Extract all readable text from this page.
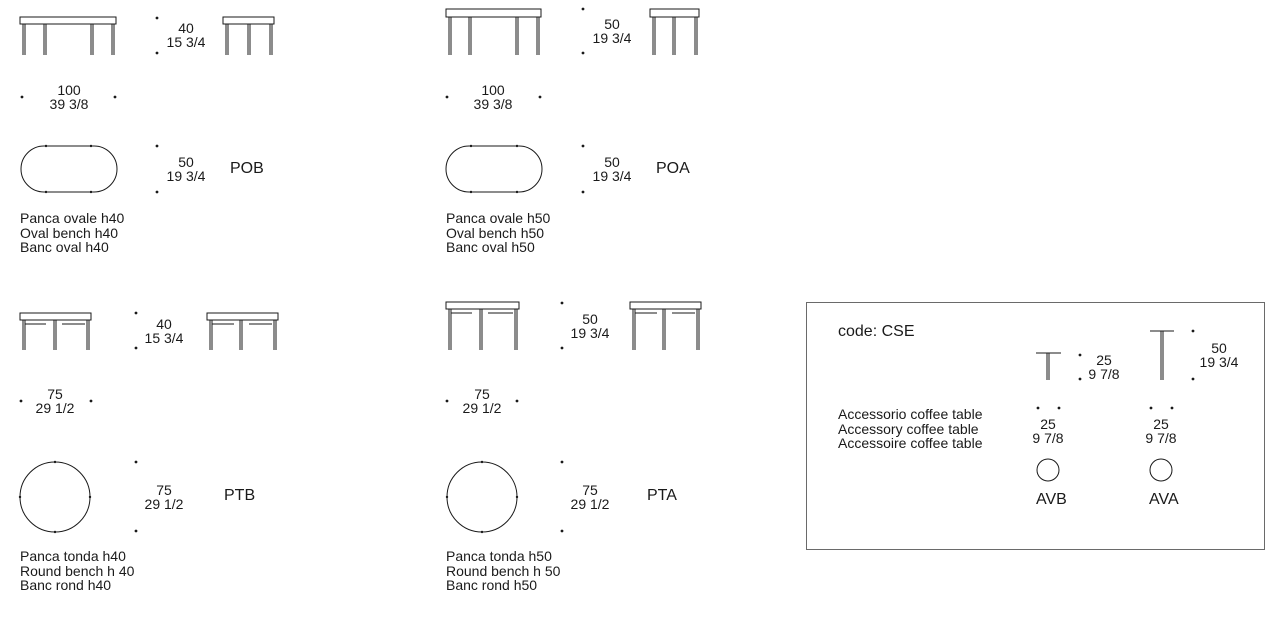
40
15 3/4
100
39 3/8
50
19 3/4	POB
Panca ovale h40
Oval bench h40
Banc oval h40
50
19 3/4
100
39 3/8
50
19 3/4	POA
Panca ovale h50
Oval bench h50
Banc oval h50
40
15 3/4
75
29 1/2
75
29 1/2	PTB
Panca tonda h40
Round bench h 40
Banc rond h40
50
19 3/4
75
29 1/2
75
29 1/2	PTA
Panca tonda h50
Round bench h 50
Banc rond h50
code: CSE
Accessorio coffee table
Accessory coffee table
Accessoire coffee table
25
9 7/8
25
9 7/8
AVB
50
19 3/4
25
9 7/8
AVA
